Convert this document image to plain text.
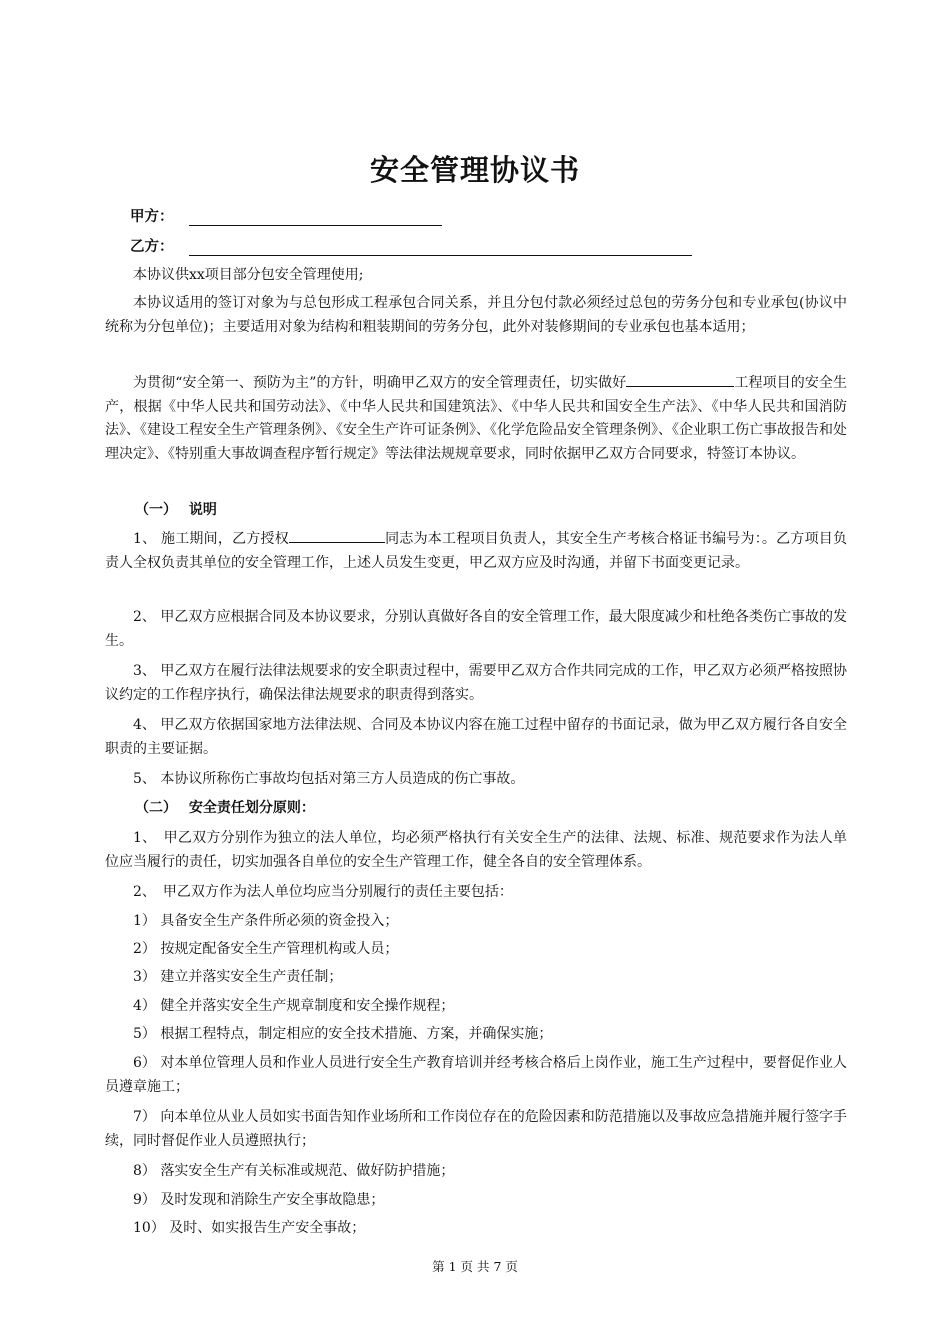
安全管理协议书
甲方：
乙方：
本协议供xx项目部分包安全管理使用;
本协议适用的签订对象为与总包形成工程承包合同关系，并且分包付款必须经过总包的劳务分包和专业承包(协议中统称为分包单位)；主要适用对象为结构和粗装期间的劳务分包，此外对装修期间的专业承包也基本适用；
为贯彻“安全第一、预防为主”的方针，明确甲乙双方的安全管理责任，切实做好	工程项目的安全生产，根据《中华人民共和国劳动法》、《中华人民共和国建筑法》、《中华人民共和国安全生产法》、《中华人民共和国消防法》、《建设工程安全生产管理条例》、《安全生产许可证条例》、《化学危险品安全管理条例》、《企业职工伤亡事故报告和处理决定》、《特别重大事故调查程序暂行规定》等法律法规规章要求，同时依据甲乙双方合同要求，特签订本协议。
（一）　 说明
1、 施工期间，乙方授权	同志为本工程项目负责人，其安全生产考核合格证书编号为：。乙方项目负责人全权负责其单位的安全管理工作，上述人员发生变更，甲乙双方应及时沟通，并留下书面变更记录。
2、 甲乙双方应根据合同及本协议要求，分别认真做好各自的安全管理工作，最大限度减少和杜绝各类伤亡事故的发生。
3、 甲乙双方在履行法律法规要求的安全职责过程中，需要甲乙双方合作共同完成的工作，甲乙双方必须严格按照协议约定的工作程序执行，确保法律法规要求的职责得到落实。
4、 甲乙双方依据国家地方法律法规、合同及本协议内容在施工过程中留存的书面记录，做为甲乙双方履行各自安全职责的主要证据。
5、 本协议所称伤亡事故均包括对第三方人员造成的伤亡事故。
（二）　 安全责任划分原则：
1、　甲乙双方分别作为独立的法人单位，均必须严格执行有关安全生产的法律、法规、标准、规范要求作为法人单位应当履行的责任，切实加强各自单位的安全生产管理工作，健全各自的安全管理体系。
2、　甲乙双方作为法人单位均应当分别履行的责任主要包括：
1） 具备安全生产条件所必须的资金投入；
2） 按规定配备安全生产管理机构或人员；
3） 建立并落实安全生产责任制；
4） 健全并落实安全生产规章制度和安全操作规程；
5） 根据工程特点，制定相应的安全技术措施、方案，并确保实施；
6） 对本单位管理人员和作业人员进行安全生产教育培训并经考核合格后上岗作业，施工生产过程中，要督促作业人员遵章施工；
7） 向本单位从业人员如实书面告知作业场所和工作岗位存在的危险因素和防范措施以及事故应急措施并履行签字手续，同时督促作业人员遵照执行；
8） 落实安全生产有关标准或规范、做好防护措施；
9） 及时发现和消除生产安全事故隐患；
10） 及时、如实报告生产安全事故；
第 1 页 共 7 页
